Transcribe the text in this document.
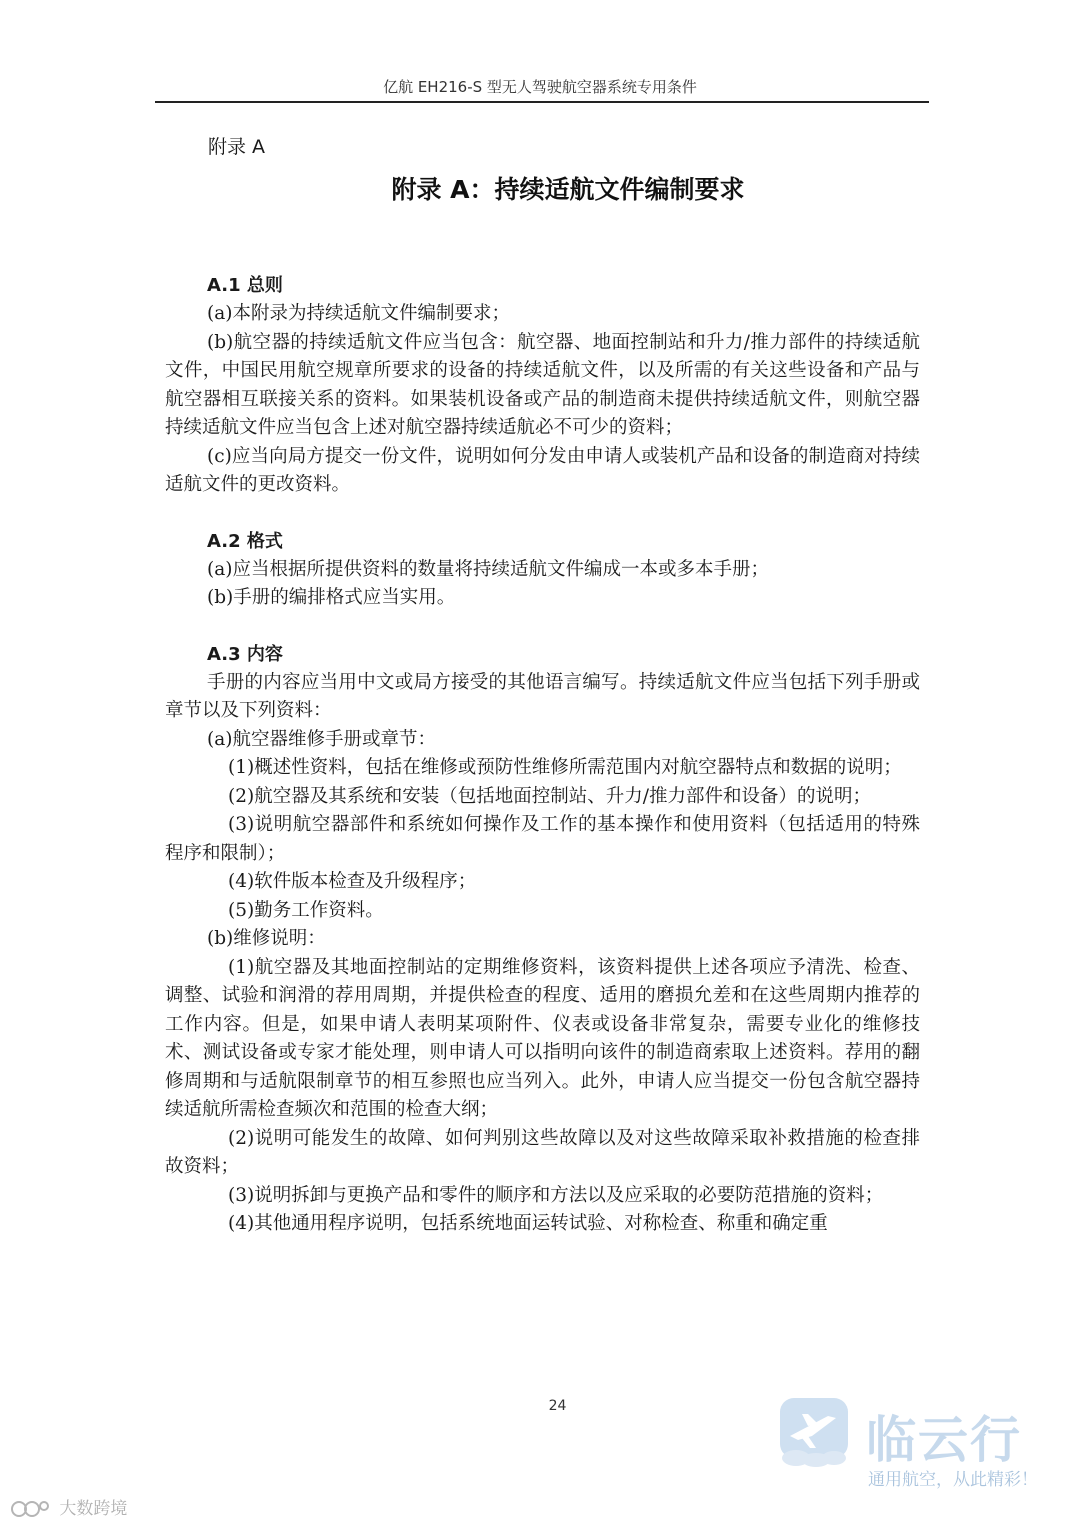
亿航 EH216-S 型无人驾驶航空器系统专用条件
附录 A
附录 A：持续适航文件编制要求
A.1 总则

(a)本附录为持续适航文件编制要求；

(b)航空器的持续适航文件应当包含：航空器、地面控制站和升力/推力部件的持续适航文件，中国民用航空规章所要求的设备的持续适航文件，以及所需的有关这些设备和产品与航空器相互联接关系的资料。如果装机设备或产品的制造商未提供持续适航文件，则航空器持续适航文件应当包含上述对航空器持续适航必不可少的资料；

(c)应当向局方提交一份文件，说明如何分发由申请人或装机产品和设备的制造商对持续适航文件的更改资料。

A.2 格式

(a)应当根据所提供资料的数量将持续适航文件编成一本或多本手册；

(b)手册的编排格式应当实用。

A.3 内容

手册的内容应当用中文或局方接受的其他语言编写。持续适航文件应当包括下列手册或章节以及下列资料：

(a)航空器维修手册或章节：

(1)概述性资料，包括在维修或预防性维修所需范围内对航空器特点和数据的说明；

(2)航空器及其系统和安装（包括地面控制站、升力/推力部件和设备）的说明；

(3)说明航空器部件和系统如何操作及工作的基本操作和使用资料（包括适用的特殊程序和限制）；

(4)软件版本检查及升级程序；

(5)勤务工作资料。

(b)维修说明：

(1)航空器及其地面控制站的定期维修资料，该资料提供上述各项应予清洗、检查、调整、试验和润滑的荐用周期，并提供检查的程度、适用的磨损允差和在这些周期内推荐的工作内容。但是，如果申请人表明某项附件、仪表或设备非常复杂，需要专业化的维修技术、测试设备或专家才能处理，则申请人可以指明向该件的制造商索取上述资料。荐用的翻修周期和与适航限制章节的相互参照也应当列入。此外，申请人应当提交一份包含航空器持续适航所需检查频次和范围的检查大纲；

(2)说明可能发生的故障、如何判别这些故障以及对这些故障采取补救措施的检查排故资料；

(3)说明拆卸与更换产品和零件的顺序和方法以及应采取的必要防范措施的资料；

(4)其他通用程序说明，包括系统地面运转试验、对称检查、称重和确定重

24
临云行
通用航空，从此精彩！
大数跨境
